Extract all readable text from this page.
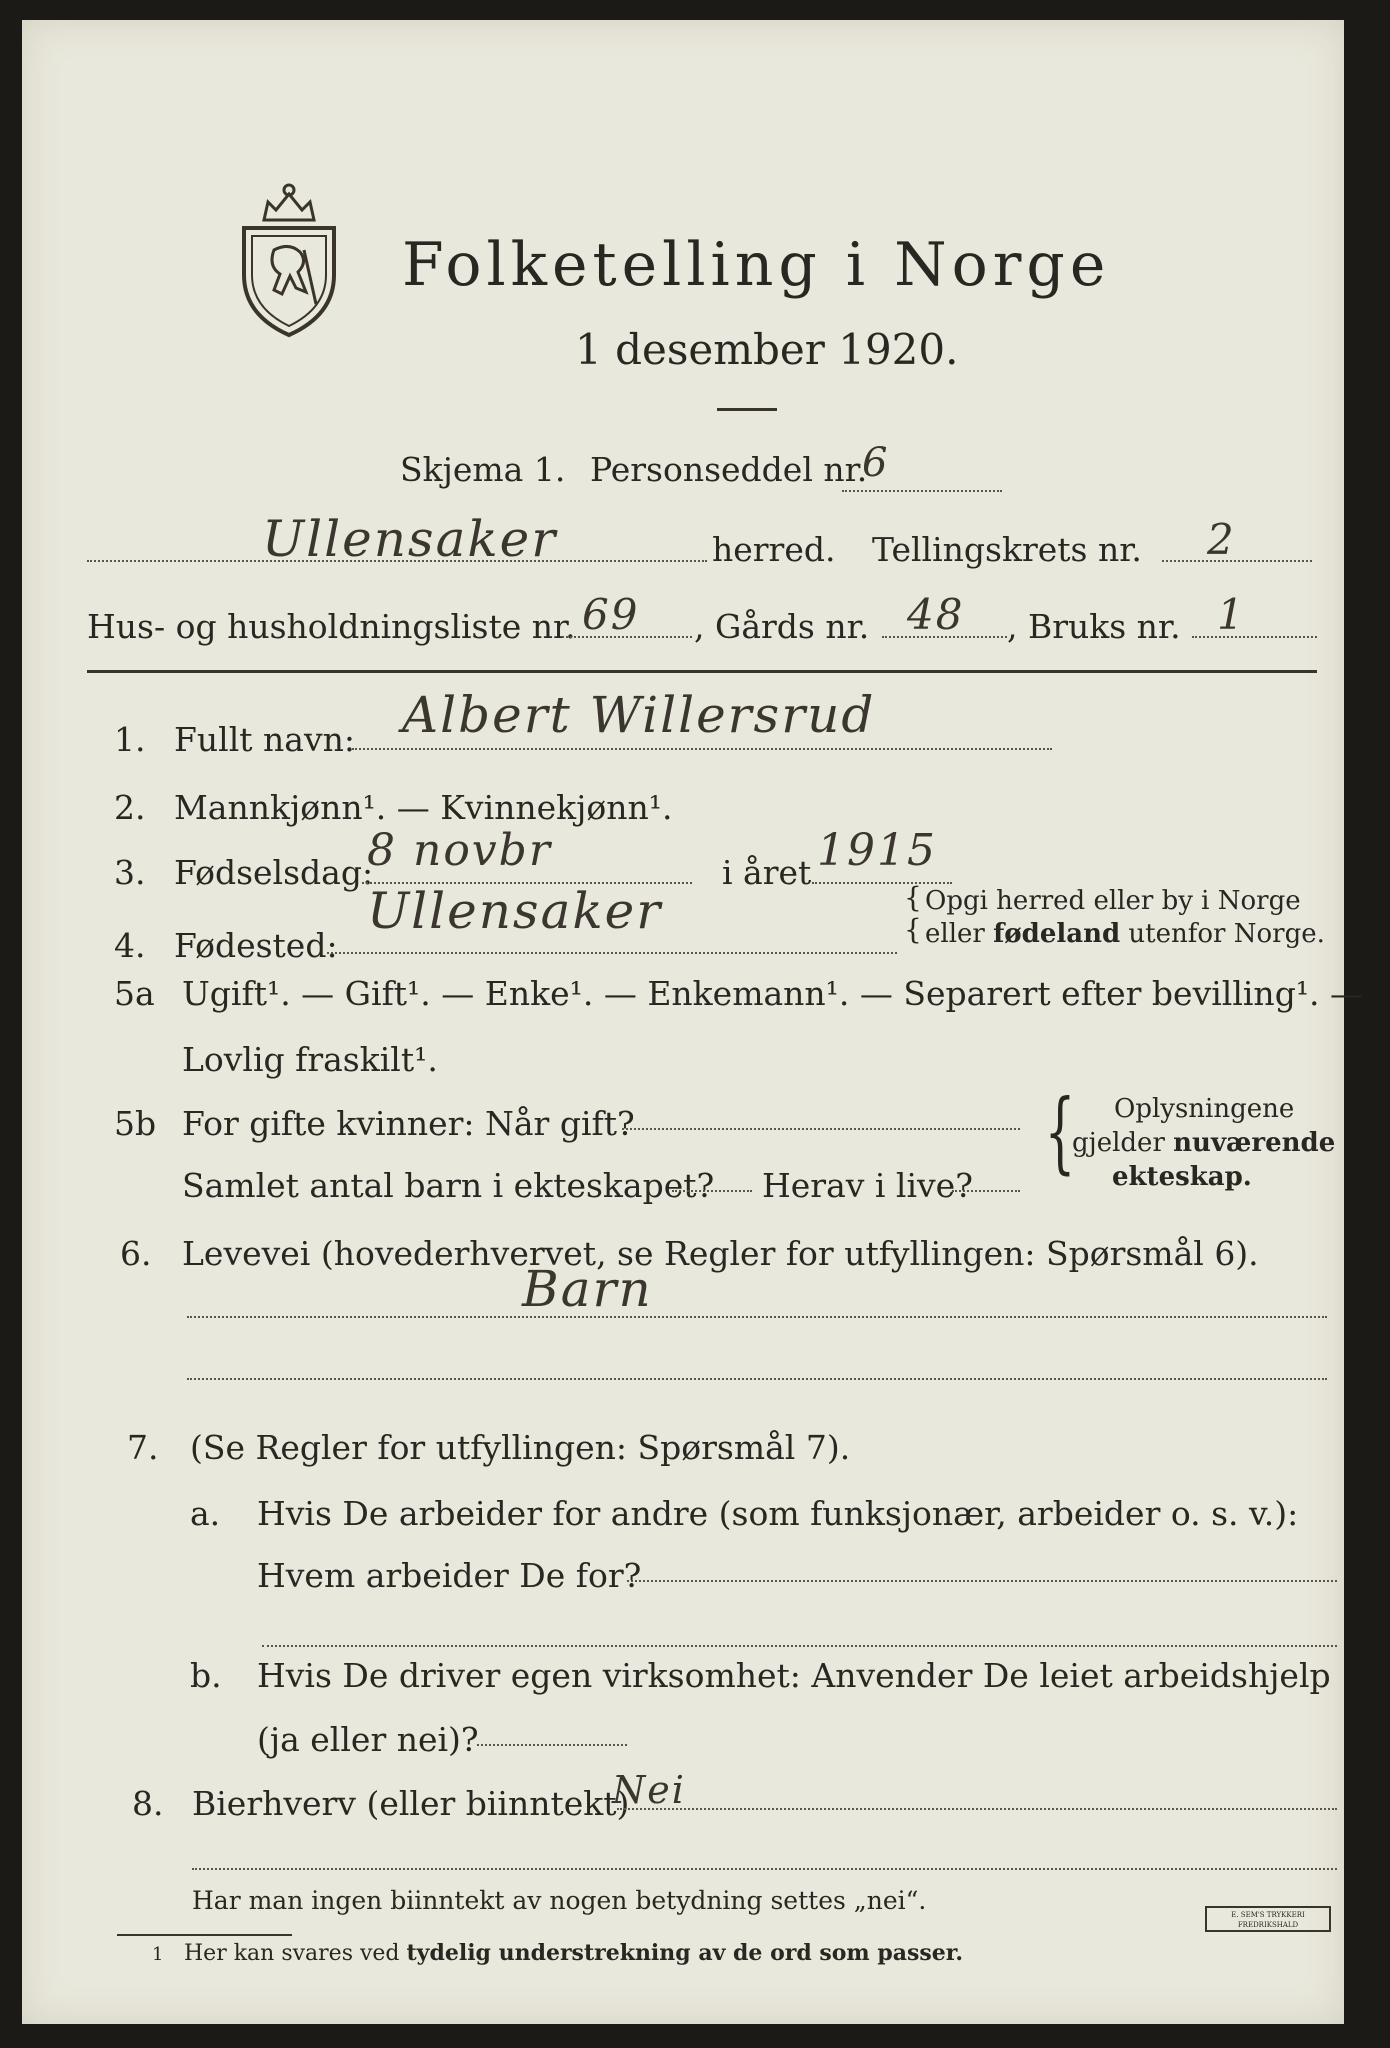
Folketelling i Norge
1 desember 1920.
Skjema 1. Personseddel nr.
6
Ullensaker	herred. Tellingskrets nr. 2
Hus- og husholdningsliste nr. 69 , Gårds nr. 48 , Bruks nr. 1
1. Fullt navn: Albert Willersrud
2. Mannkjønn¹. — Kvinnekjønn¹.
3. Fødselsdag:
8 novbr	i året 1915
4. Fødested:
Ullensaker	{
{
Opgi herred eller by i Norge
eller fødeland utenfor Norge.
5a Ugift¹. — Gift¹. — Enke¹. — Enkemann¹. — Separert efter bevilling¹. —
Lovlig fraskilt¹.
5b For gifte kvinner: Når gift?
Samlet antal barn i ekteskapet? Herav i live?
{ Oplysningene
gjelder nuværende
ekteskap.
6. Levevei (hovederhvervet, se Regler for utfyllingen: Spørsmål 6).
Barn
7. (Se Regler for utfyllingen: Spørsmål 7).
a. Hvis De arbeider for andre (som funksjonær, arbeider o. s. v.):
Hvem arbeider De for?
b. Hvis De driver egen virksomhet: Anvender De leiet arbeidshjelp
(ja eller nei)?
8. Bierhverv (eller biinntekt)
Nei
Har man ingen biinntekt av nogen betydning settes „nei“.
1 Her kan svares ved tydelig understrekning av de ord som passer.
E. SEM'S TRYKKERI FREDRIKSHALD
